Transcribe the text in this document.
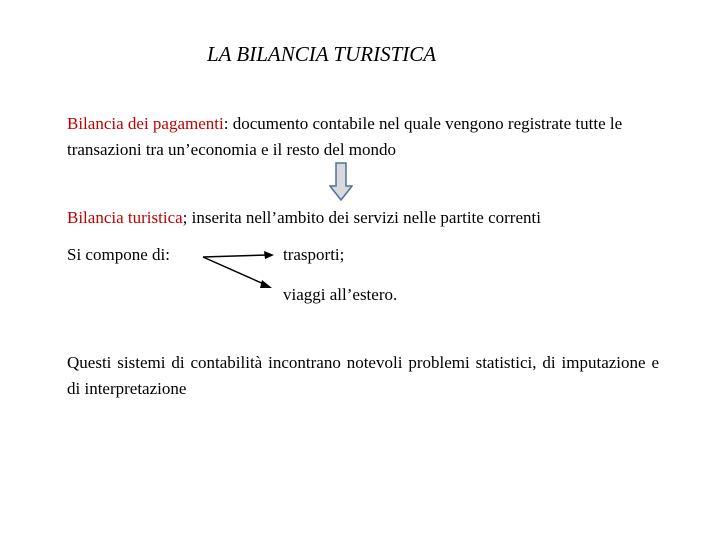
LA BILANCIA TURISTICA
Bilancia dei pagamenti: documento contabile nel quale vengono registrate tutte le transazioni tra un’economia e il resto del mondo
Bilancia turistica; inserita nell’ambito dei servizi nelle partite correnti
Si compone di:	trasporti;
viaggi all’estero.
Questi sistemi di contabilità incontrano notevoli problemi statistici, di imputazione e di interpretazione
